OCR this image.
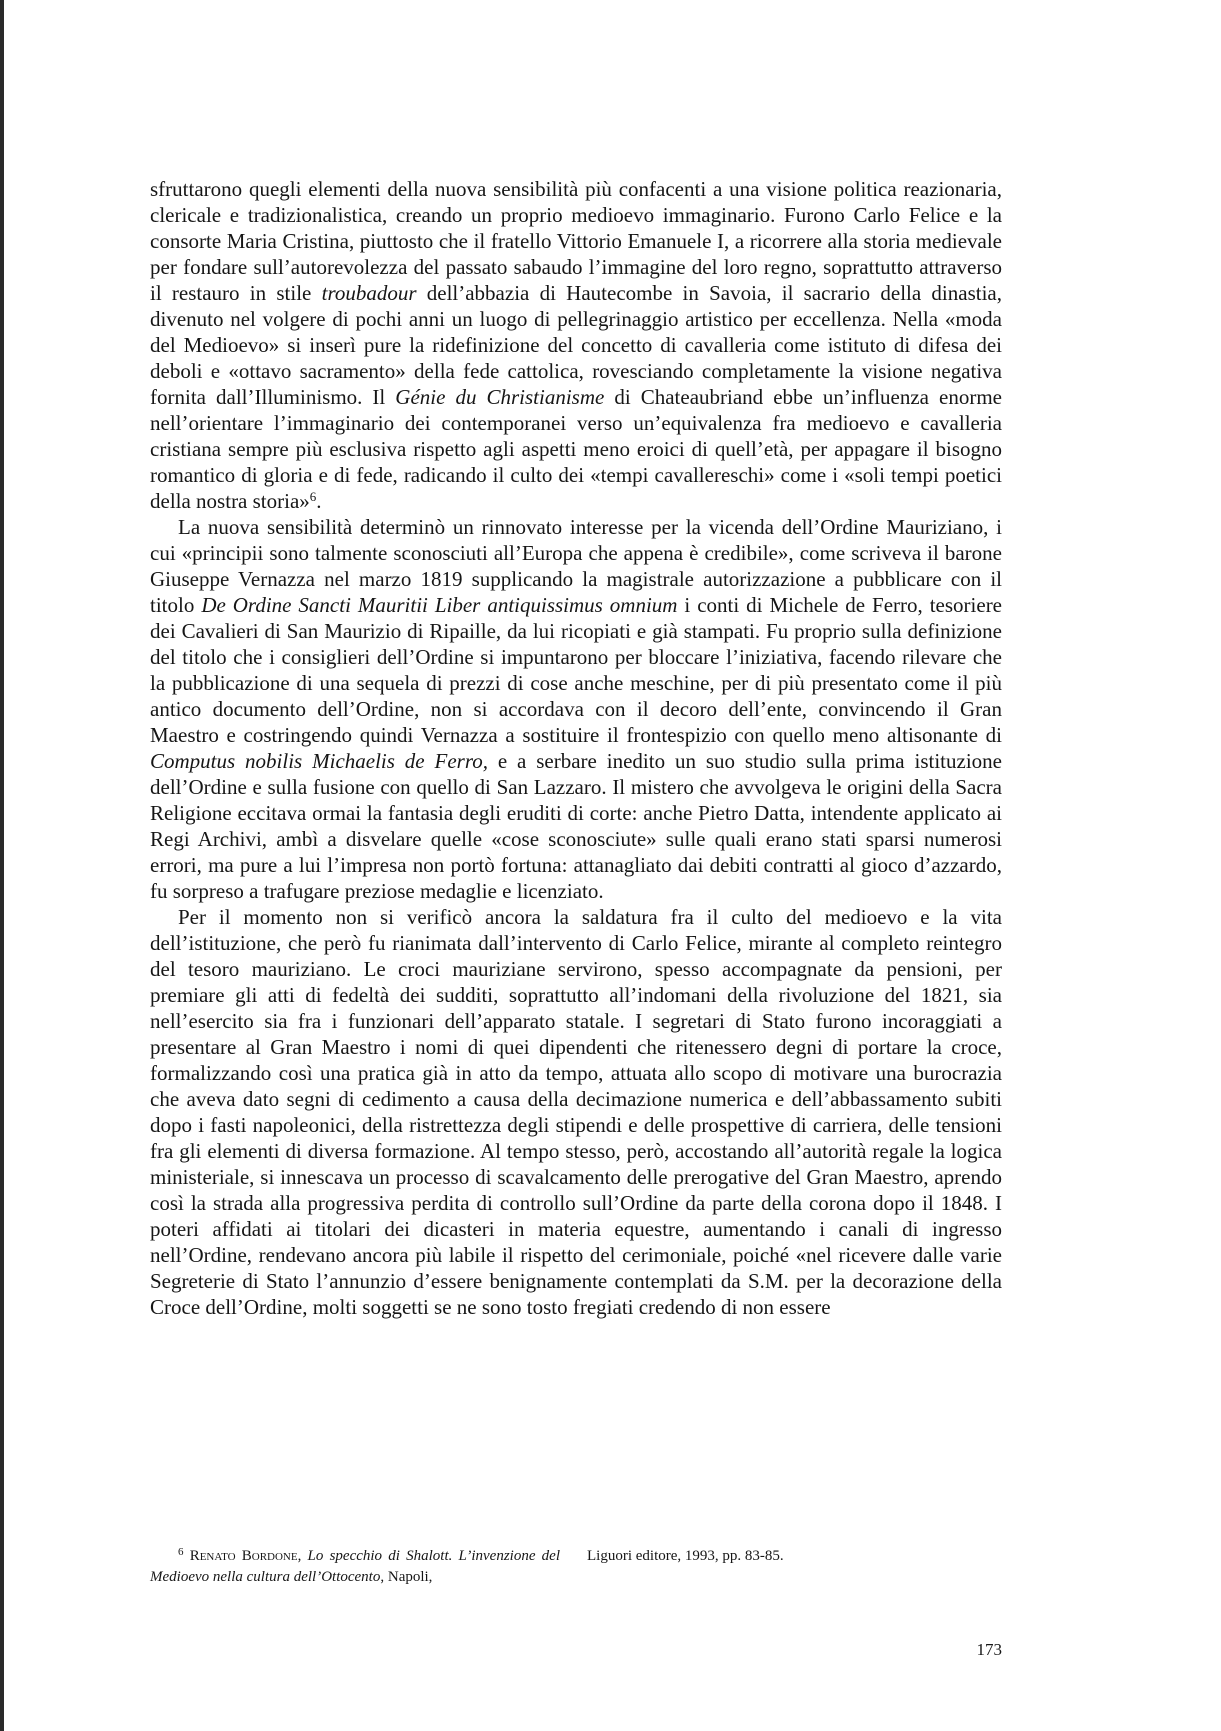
sfruttarono quegli elementi della nuova sensibilità più confacenti a una visione politica reazionaria, clericale e tradizionalistica, creando un proprio medioevo immaginario. Furono Carlo Felice e la consorte Maria Cristina, piuttosto che il fratello Vittorio Emanuele I, a ricorrere alla storia medievale per fondare sull’autorevolezza del passato sabaudo l’immagine del loro regno, soprattutto attraverso il restauro in stile troubadour dell’abbazia di Hautecombe in Savoia, il sacrario della dinastia, divenuto nel volgere di pochi anni un luogo di pellegrinaggio artistico per eccellenza. Nella «moda del Medioevo» si inserì pure la ridefinizione del concetto di cavalleria come istituto di difesa dei deboli e «ottavo sacramento» della fede cattolica, rovesciando completamente la visione negativa fornita dall’Illuminismo. Il Génie du Christianisme di Chateaubriand ebbe un’influenza enorme nell’orientare l’immaginario dei contemporanei verso un’equivalenza fra medioevo e cavalleria cristiana sempre più esclusiva rispetto agli aspetti meno eroici di quell’età, per appagare il bisogno romantico di gloria e di fede, radicando il culto dei «tempi cavallereschi» come i «soli tempi poetici della nostra storia»$^6$.

La nuova sensibilità determinò un rinnovato interesse per la vicenda dell’Ordine Mauriziano, i cui «principii sono talmente sconosciuti all’Europa che appena è credibile», come scriveva il barone Giuseppe Vernazza nel marzo 1819 supplicando la magistrale autorizzazione a pubblicare con il titolo De Ordine Sancti Mauritii Liber antiquissimus omnium i conti di Michele de Ferro, tesoriere dei Cavalieri di San Maurizio di Ripaille, da lui ricopiati e già stampati. Fu proprio sulla definizione del titolo che i consiglieri dell’Ordine si impuntarono per bloccare l’iniziativa, facendo rilevare che la pubblicazione di una sequela di prezzi di cose anche meschine, per di più presentato come il più antico documento dell’Ordine, non si accordava con il decoro dell’ente, convincendo il Gran Maestro e costringendo quindi Vernazza a sostituire il frontespizio con quello meno altisonante di Computus nobilis Michaelis de Ferro, e a serbare inedito un suo studio sulla prima istituzione dell’Ordine e sulla fusione con quello di San Lazzaro. Il mistero che avvolgeva le origini della Sacra Religione eccitava ormai la fantasia degli eruditi di corte: anche Pietro Datta, intendente applicato ai Regi Archivi, ambì a disvelare quelle «cose sconosciute» sulle quali erano stati sparsi numerosi errori, ma pure a lui l’impresa non portò fortuna: attanagliato dai debiti contratti al gioco d’azzardo, fu sorpreso a trafugare preziose medaglie e licenziato.

Per il momento non si verificò ancora la saldatura fra il culto del medioevo e la vita dell’istituzione, che però fu rianimata dall’intervento di Carlo Felice, mirante al completo reintegro del tesoro mauriziano. Le croci mauriziane servirono, spesso accompagnate da pensioni, per premiare gli atti di fedeltà dei sudditi, soprattutto all’indomani della rivoluzione del 1821, sia nell’esercito sia fra i funzionari dell’apparato statale. I segretari di Stato furono incoraggiati a presentare al Gran Maestro i nomi di quei dipendenti che ritenessero degni di portare la croce, formalizzando così una pratica già in atto da tempo, attuata allo scopo di motivare una burocrazia che aveva dato segni di cedimento a causa della decimazione numerica e dell’abbassamento subiti dopo i fasti napoleonici, della ristrettezza degli stipendi e delle prospettive di carriera, delle tensioni fra gli elementi di diversa formazione. Al tempo stesso, però, accostando all’autorità regale la logica ministeriale, si innescava un processo di scavalcamento delle prerogative del Gran Maestro, aprendo così la strada alla progressiva perdita di controllo sull’Ordine da parte della corona dopo il 1848. I poteri affidati ai titolari dei dicasteri in materia equestre, aumentando i canali di ingresso nell’Ordine, rendevano ancora più labile il rispetto del cerimoniale, poiché «nel ricevere dalle varie Segreterie di Stato l’annunzio d’essere benignamente contemplati da S.M. per la decorazione della Croce dell’Ordine, molti soggetti se ne sono tosto fregiati credendo di non essere

$^6$ Renato Bordone, Lo specchio di Shalott. L’invenzione del Medioevo nella cultura dell’Ottocento, Napoli,
Liguori editore, 1993, pp. 83-85.
173
